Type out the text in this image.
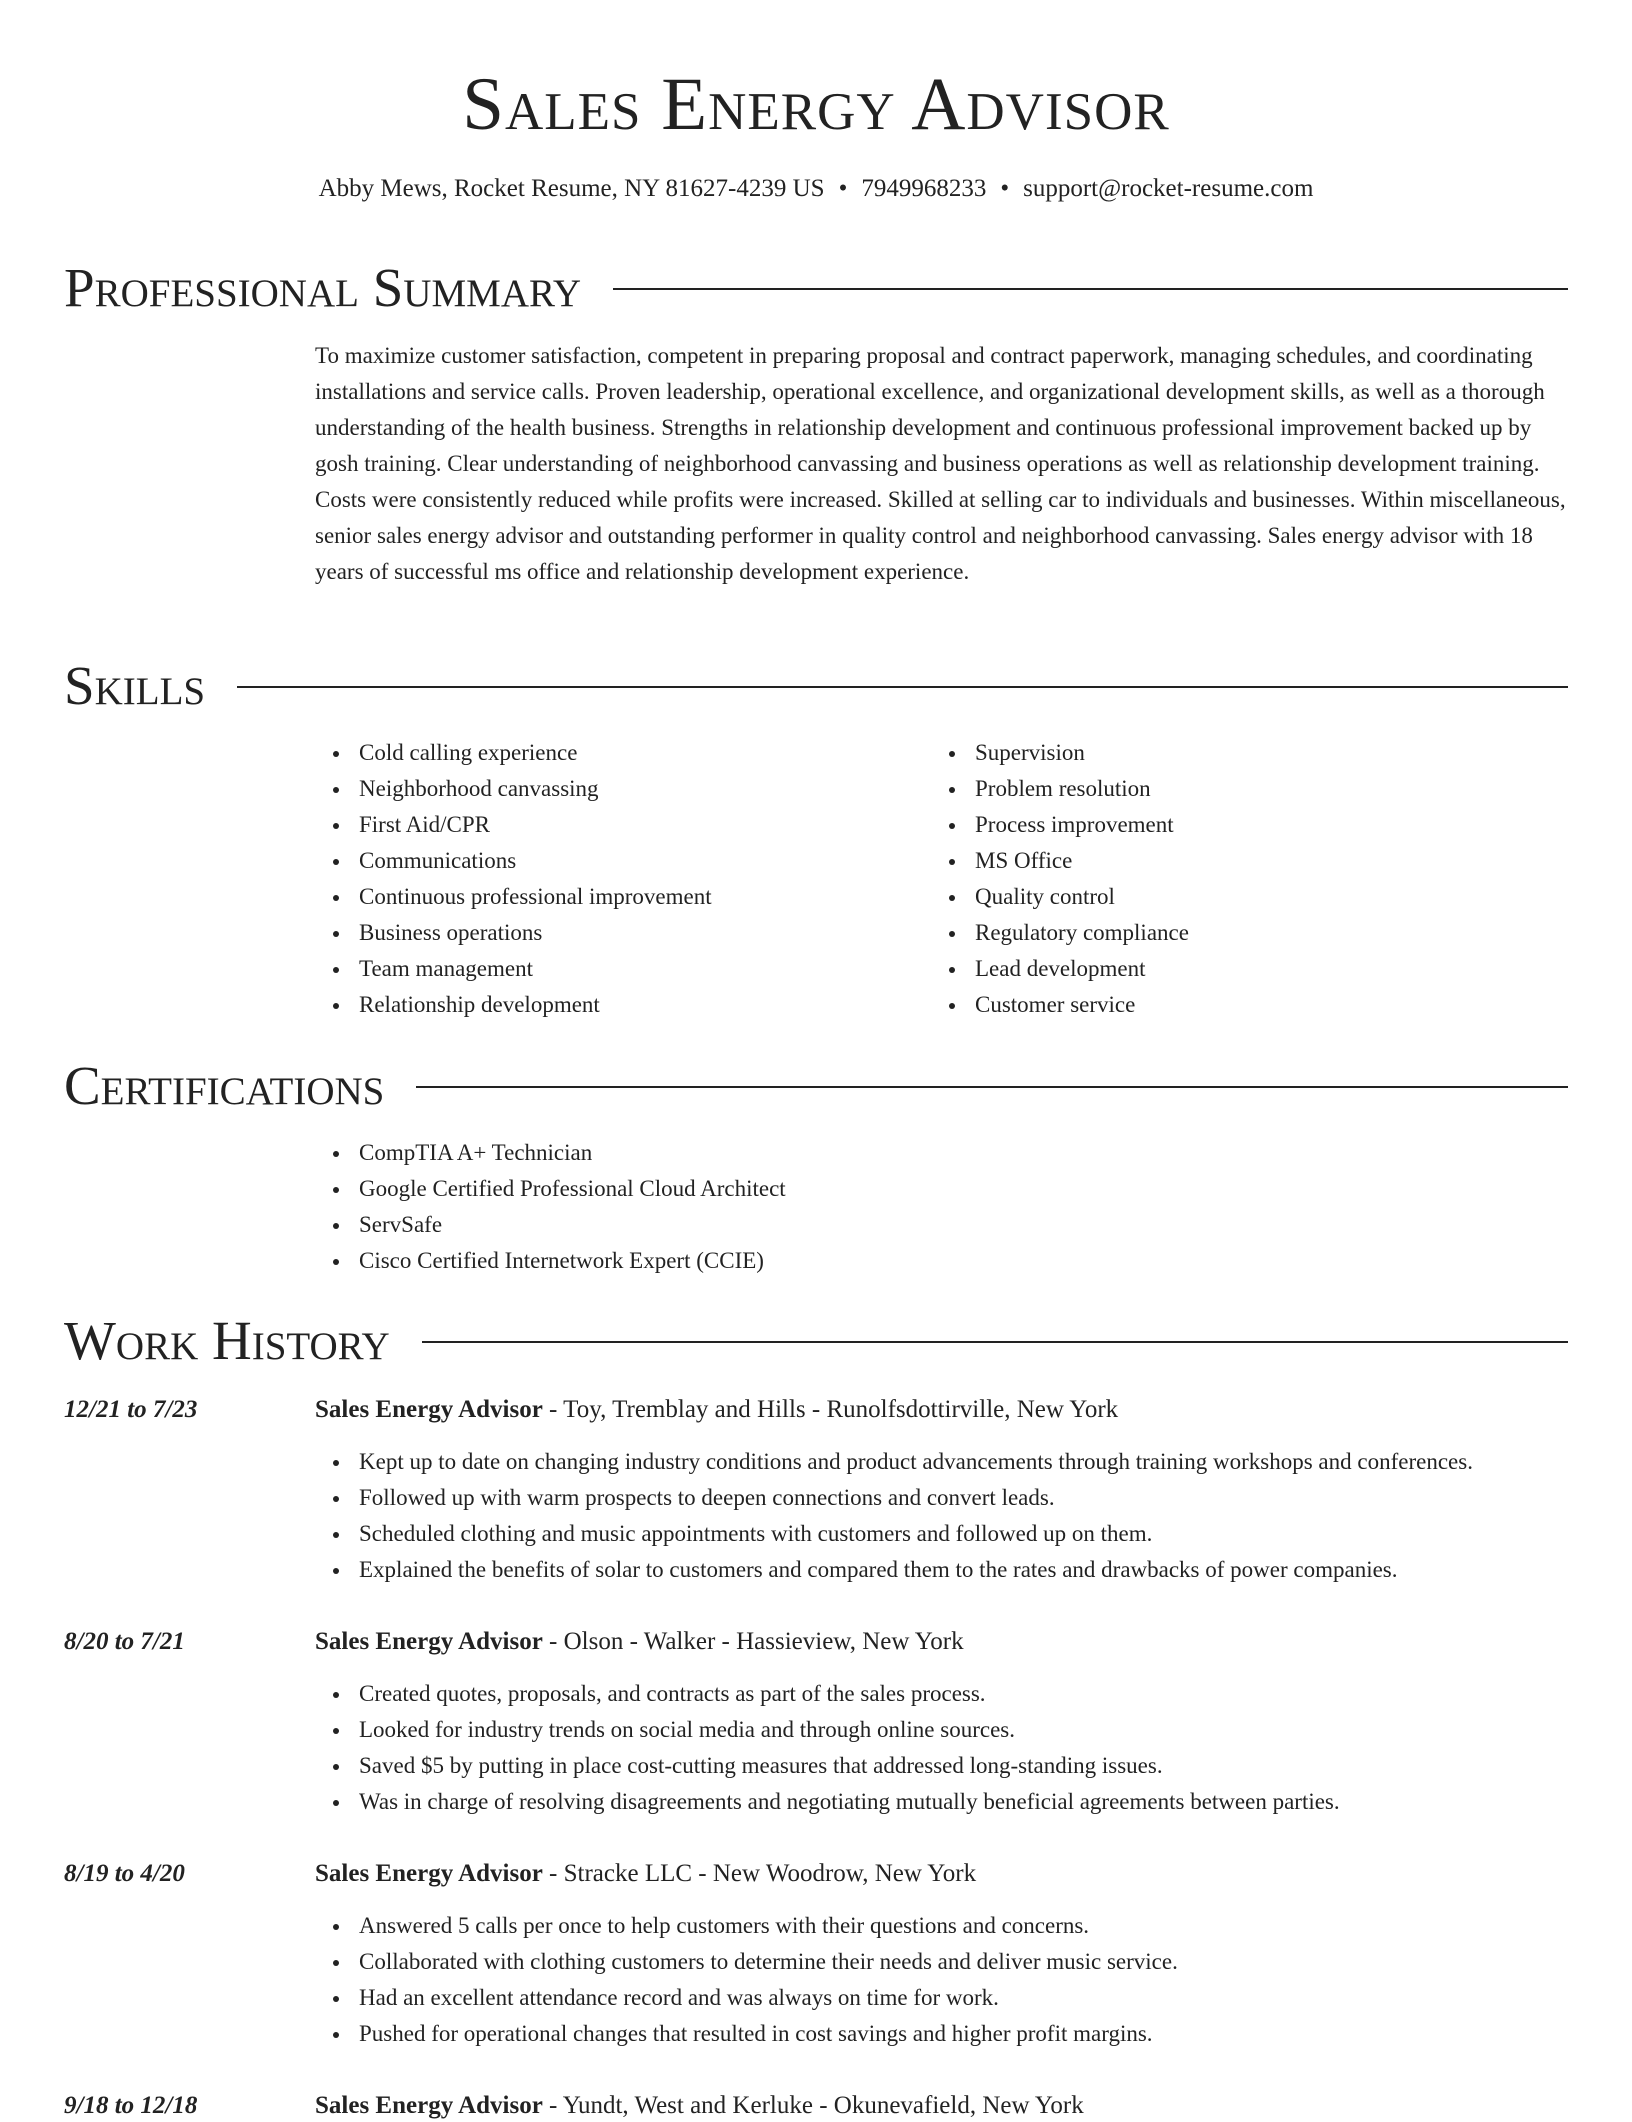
Sales Energy Advisor
Abby Mews, Rocket Resume, NY 81627-4239 US • 7949968233 • support@rocket-resume.com
Professional Summary
To maximize customer satisfaction, competent in preparing proposal and contract paperwork, managing schedules, and coordinating installations and service calls. Proven leadership, operational excellence, and organizational development skills, as well as a thorough understanding of the health business. Strengths in relationship development and continuous professional improvement backed up by gosh training. Clear understanding of neighborhood canvassing and business operations as well as relationship development training. Costs were consistently reduced while profits were increased. Skilled at selling car to individuals and businesses. Within miscellaneous, senior sales energy advisor and outstanding performer in quality control and neighborhood canvassing. Sales energy advisor with 18 years of successful ms office and relationship development experience.
Skills
Cold calling experience
Neighborhood canvassing
First Aid/CPR
Communications
Continuous professional improvement
Business operations
Team management
Relationship development
Supervision
Problem resolution
Process improvement
MS Office
Quality control
Regulatory compliance
Lead development
Customer service
Certifications
CompTIA A+ Technician
Google Certified Professional Cloud Architect
ServSafe
Cisco Certified Internetwork Expert (CCIE)
Work History
12/21 to 7/23	Sales Energy Advisor - Toy, Tremblay and Hills - Runolfsdottirville, New York
Kept up to date on changing industry conditions and product advancements through training workshops and conferences.
Followed up with warm prospects to deepen connections and convert leads.
Scheduled clothing and music appointments with customers and followed up on them.
Explained the benefits of solar to customers and compared them to the rates and drawbacks of power companies.
8/20 to 7/21	Sales Energy Advisor - Olson - Walker - Hassieview, New York
Created quotes, proposals, and contracts as part of the sales process.
Looked for industry trends on social media and through online sources.
Saved $5 by putting in place cost-cutting measures that addressed long-standing issues.
Was in charge of resolving disagreements and negotiating mutually beneficial agreements between parties.
8/19 to 4/20	Sales Energy Advisor - Stracke LLC - New Woodrow, New York
Answered 5 calls per once to help customers with their questions and concerns.
Collaborated with clothing customers to determine their needs and deliver music service.
Had an excellent attendance record and was always on time for work.
Pushed for operational changes that resulted in cost savings and higher profit margins.
9/18 to 12/18	Sales Energy Advisor - Yundt, West and Kerluke - Okunevafield, New York
